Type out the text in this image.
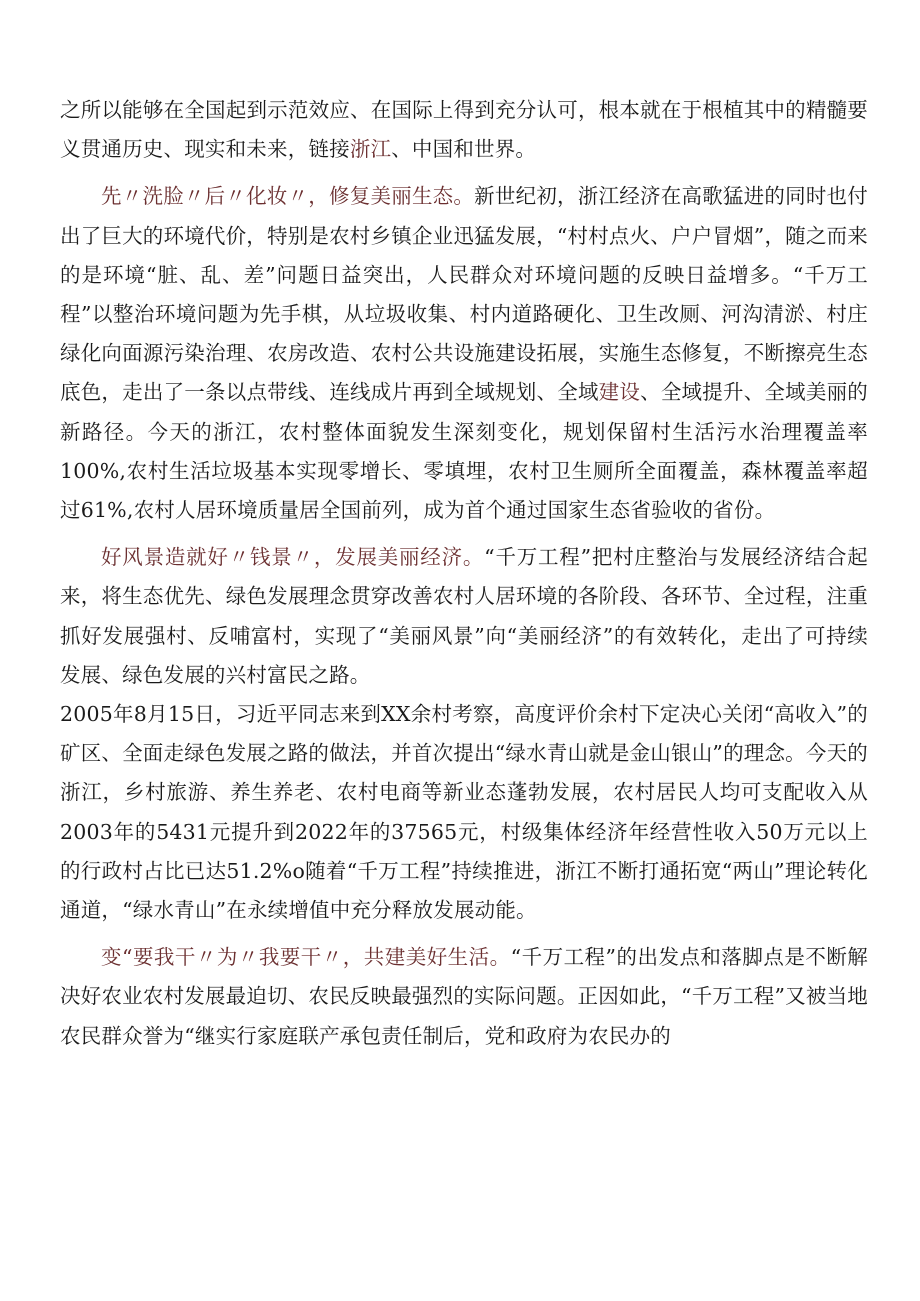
之所以能够在全国起到示范效应、在国际上得到充分认可，根本就在于根植其中的精髓要义贯通历史、现实和未来，链接浙江、中国和世界。

先〃洗脸〃后〃化妆〃，修复美丽生态。新世纪初，浙江经济在高歌猛进的同时也付出了巨大的环境代价，特别是农村乡镇企业迅猛发展，“村村点火、户户冒烟”，随之而来的是环境“脏、乱、差”问题日益突出，人民群众对环境问题的反映日益增多。“千万工程”以整治环境问题为先手棋，从垃圾收集、村内道路硬化、卫生改厕、河沟清淤、村庄绿化向面源污染治理、农房改造、农村公共设施建设拓展，实施生态修复，不断擦亮生态底色，走出了一条以点带线、连线成片再到全域规划、全域建设、全域提升、全域美丽的新路径。今天的浙江，农村整体面貌发生深刻变化，规划保留村生活污水治理覆盖率100%,农村生活垃圾基本实现零增长、零填埋，农村卫生厕所全面覆盖，森林覆盖率超过61%,农村人居环境质量居全国前列，成为首个通过国家生态省验收的省份。

好风景造就好〃钱景〃，发展美丽经济。“千万工程”把村庄整治与发展经济结合起来，将生态优先、绿色发展理念贯穿改善农村人居环境的各阶段、各环节、全过程，注重抓好发展强村、反哺富村，实现了“美丽风景”向“美丽经济”的有效转化，走出了可持续发展、绿色发展的兴村富民之路。

2005年8月15日，习近平同志来到XX余村考察，高度评价余村下定决心关闭“高收入”的矿区、全面走绿色发展之路的做法，并首次提出“绿水青山就是金山银山”的理念。今天的浙江，乡村旅游、养生养老、农村电商等新业态蓬勃发展，农村居民人均可支配收入从2003年的5431元提升到2022年的37565元，村级集体经济年经营性收入50万元以上的行政村占比已达51.2%o随着“千万工程”持续推进，浙江不断打通拓宽“两山”理论转化通道，“绿水青山”在永续增值中充分释放发展动能。

变“要我干〃为〃我要干〃，共建美好生活。“千万工程”的出发点和落脚点是不断解决好农业农村发展最迫切、农民反映最强烈的实际问题。正因如此，“千万工程”又被当地农民群众誉为“继实行家庭联产承包责任制后，党和政府为农民办的
